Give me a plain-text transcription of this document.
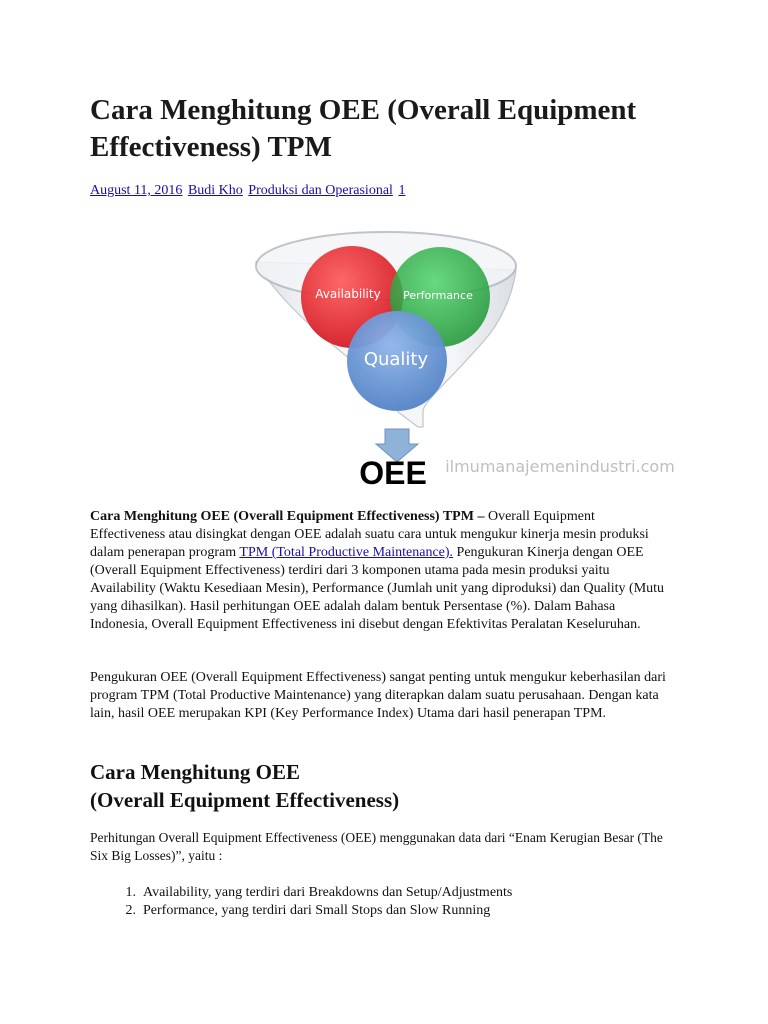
Cara Menghitung OEE (Overall Equipment Effectiveness) TPM
August 11, 2016 Budi Kho Produksi dan Operasional 1
Availability Performance
Quality
OEE ilmumanajemenindustri.com

Cara Menghitung OEE (Overall Equipment Effectiveness) TPM – Overall Equipment Effectiveness atau disingkat dengan OEE adalah suatu cara untuk mengukur kinerja mesin produksi dalam penerapan program TPM (Total Productive Maintenance). Pengukuran Kinerja dengan OEE (Overall Equipment Effectiveness) terdiri dari 3 komponen utama pada mesin produksi yaitu Availability (Waktu Kesediaan Mesin), Performance (Jumlah unit yang diproduksi) dan Quality (Mutu yang dihasilkan). Hasil perhitungan OEE adalah dalam bentuk Persentase (%). Dalam Bahasa Indonesia, Overall Equipment Effectiveness ini disebut dengan Efektivitas Peralatan Keseluruhan.

Pengukuran OEE (Overall Equipment Effectiveness) sangat penting untuk mengukur keberhasilan dari program TPM (Total Productive Maintenance) yang diterapkan dalam suatu perusahaan. Dengan kata lain, hasil OEE merupakan KPI (Key Performance Index) Utama dari hasil penerapan TPM.

Cara Menghitung OEE
(Overall Equipment Effectiveness)

Perhitungan Overall Equipment Effectiveness (OEE) menggunakan data dari “Enam Kerugian Besar (The Six Big Losses)”, yaitu :

1. Availability, yang terdiri dari Breakdowns dan Setup/Adjustments
2. Performance, yang terdiri dari Small Stops dan Slow Running
